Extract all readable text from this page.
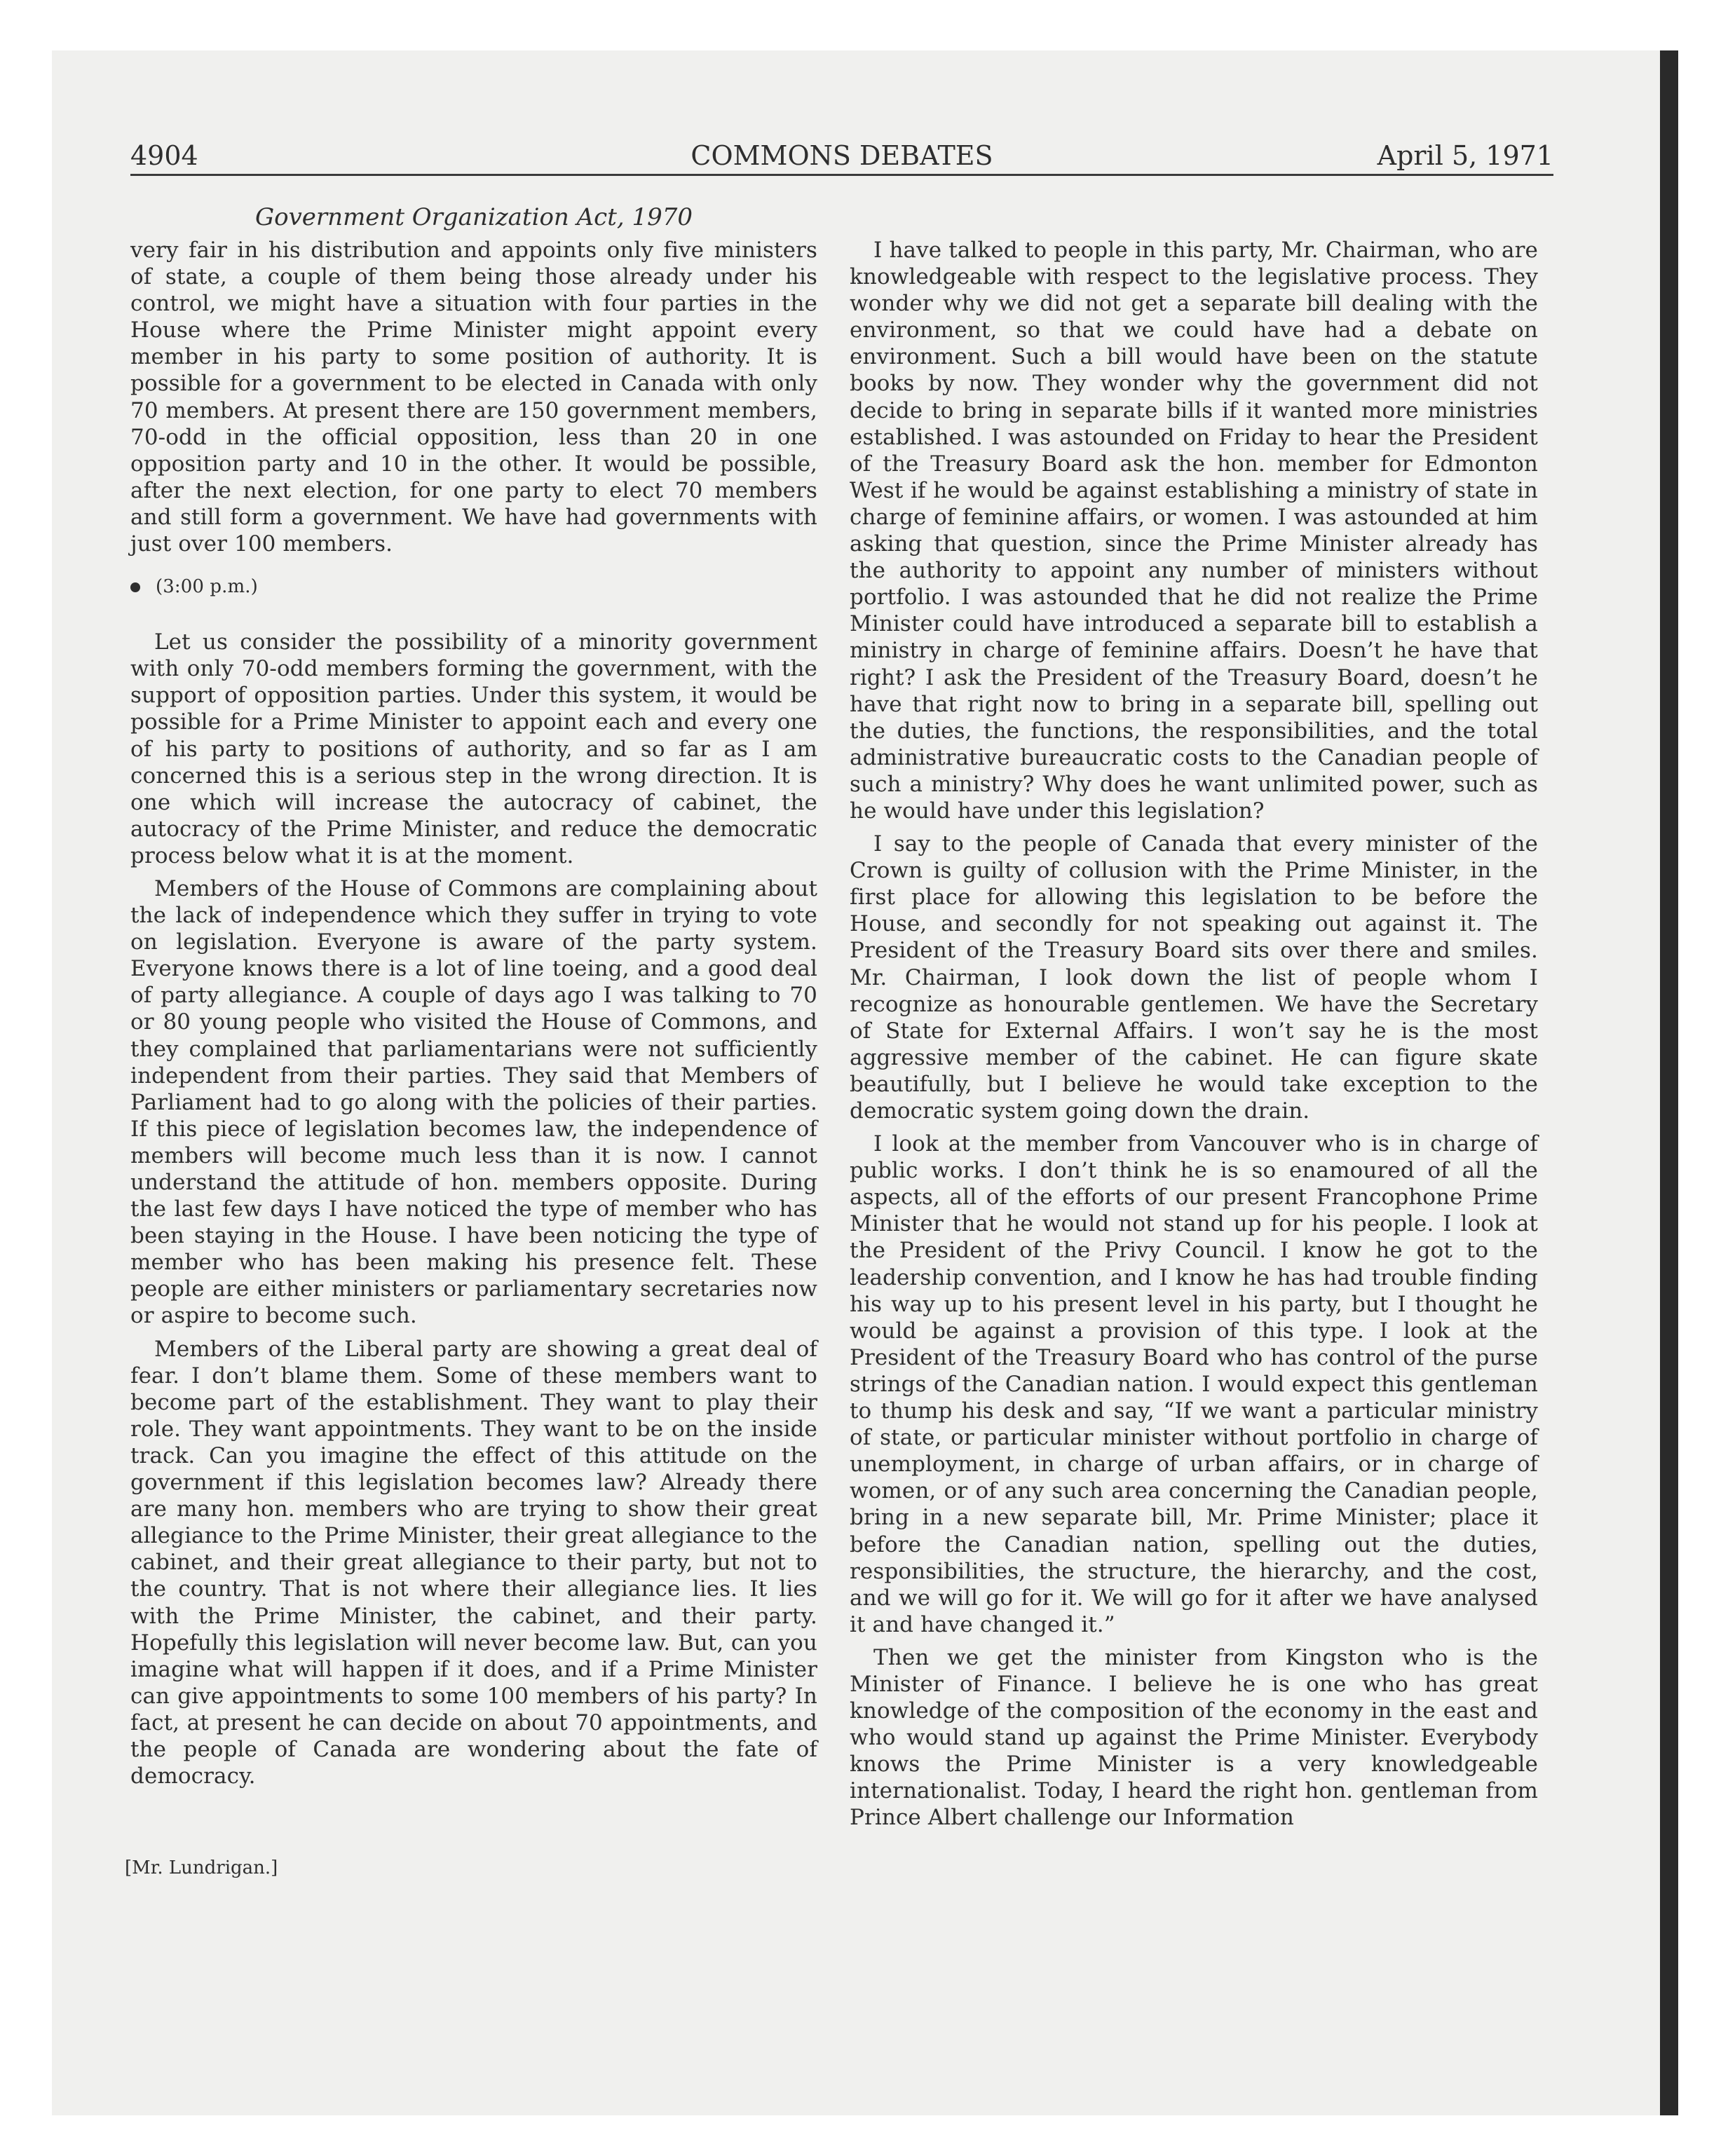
4904	COMMONS DEBATES	April 5, 1971
Government Organization Act, 1970

very fair in his distribution and appoints only five ministers of state, a couple of them being those already under his control, we might have a situation with four parties in the House where the Prime Minister might appoint every member in his party to some position of authority. It is possible for a government to be elected in Canada with only 70 members. At present there are 150 government members, 70-odd in the official opposition, less than 20 in one opposition party and 10 in the other. It would be possible, after the next election, for one party to elect 70 members and still form a government. We have had governments with just over 100 members.

(3:00 p.m.)

Let us consider the possibility of a minority government with only 70-odd members forming the government, with the support of opposition parties. Under this system, it would be possible for a Prime Minister to appoint each and every one of his party to positions of authority, and so far as I am concerned this is a serious step in the wrong direction. It is one which will increase the autocracy of cabinet, the autocracy of the Prime Minister, and reduce the democratic process below what it is at the moment.

Members of the House of Commons are complaining about the lack of independence which they suffer in trying to vote on legislation. Everyone is aware of the party system. Everyone knows there is a lot of line toeing, and a good deal of party allegiance. A couple of days ago I was talking to 70 or 80 young people who visited the House of Commons, and they complained that parliamentarians were not sufficiently independent from their parties. They said that Members of Parliament had to go along with the policies of their parties. If this piece of legislation becomes law, the independence of members will become much less than it is now. I cannot understand the attitude of hon. members opposite. During the last few days I have noticed the type of member who has been staying in the House. I have been noticing the type of member who has been making his presence felt. These people are either ministers or parliamentary secretaries now or aspire to become such.

Members of the Liberal party are showing a great deal of fear. I don’t blame them. Some of these members want to become part of the establishment. They want to play their role. They want appointments. They want to be on the inside track. Can you imagine the effect of this attitude on the government if this legislation becomes law? Already there are many hon. members who are trying to show their great allegiance to the Prime Minister, their great allegiance to the cabinet, and their great allegiance to their party, but not to the country. That is not where their allegiance lies. It lies with the Prime Minister, the cabinet, and their party. Hopefully this legislation will never become law. But, can you imagine what will happen if it does, and if a Prime Minister can give appointments to some 100 members of his party? In fact, at present he can decide on about 70 appointments, and the people of Canada are wondering about the fate of democracy.

[Mr. Lundrigan.]

I have talked to people in this party, Mr. Chairman, who are knowledgeable with respect to the legislative process. They wonder why we did not get a separate bill dealing with the environment, so that we could have had a debate on environment. Such a bill would have been on the statute books by now. They wonder why the government did not decide to bring in separate bills if it wanted more ministries established. I was astounded on Friday to hear the President of the Treasury Board ask the hon. member for Edmonton West if he would be against establishing a ministry of state in charge of feminine affairs, or women. I was astounded at him asking that question, since the Prime Minister already has the authority to appoint any number of ministers without portfolio. I was astounded that he did not realize the Prime Minister could have introduced a separate bill to establish a ministry in charge of feminine affairs. Doesn’t he have that right? I ask the President of the Treasury Board, doesn’t he have that right now to bring in a separate bill, spelling out the duties, the functions, the responsibilities, and the total administrative bureaucratic costs to the Canadian people of such a ministry? Why does he want unlimited power, such as he would have under this legislation?

I say to the people of Canada that every minister of the Crown is guilty of collusion with the Prime Minister, in the first place for allowing this legislation to be before the House, and secondly for not speaking out against it. The President of the Treasury Board sits over there and smiles. Mr. Chairman, I look down the list of people whom I recognize as honourable gentlemen. We have the Secretary of State for External Affairs. I won’t say he is the most aggressive member of the cabinet. He can figure skate beautifully, but I believe he would take exception to the democratic system going down the drain.

I look at the member from Vancouver who is in charge of public works. I don’t think he is so enamoured of all the aspects, all of the efforts of our present Francophone Prime Minister that he would not stand up for his people. I look at the President of the Privy Council. I know he got to the leadership convention, and I know he has had trouble finding his way up to his present level in his party, but I thought he would be against a provision of this type. I look at the President of the Treasury Board who has control of the purse strings of the Canadian nation. I would expect this gentleman to thump his desk and say, “If we want a particular ministry of state, or particular minister without portfolio in charge of unemployment, in charge of urban affairs, or in charge of women, or of any such area concerning the Canadian people, bring in a new separate bill, Mr. Prime Minister; place it before the Canadian nation, spelling out the duties, responsibilities, the structure, the hierarchy, and the cost, and we will go for it. We will go for it after we have analysed it and have changed it.”

Then we get the minister from Kingston who is the Minister of Finance. I believe he is one who has great knowledge of the composition of the economy in the east and who would stand up against the Prime Minister. Everybody knows the Prime Minister is a very knowledgeable internationalist. Today, I heard the right hon. gentleman from Prince Albert challenge our Information
